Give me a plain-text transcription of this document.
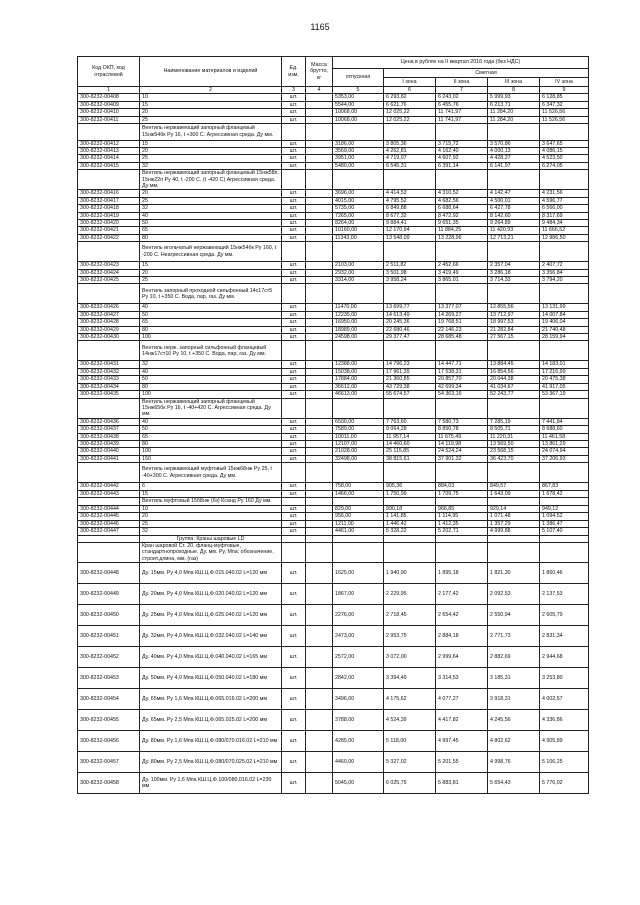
1165
Код ОКП, код отраслевой	Наименование материалов и изделий	Ед. изм.	Масса брутто, кг	Цена в рублях на II квартал 2016 года (без НДС)				
				отпускная	Сметная			
					I зона	II зона	III зона	IV зона
1	2	3	4	5	6	7	8	9
300-8232-00408	10	шт.		5353,00	6 293,82	6 243,02	5 999,93	6 128,85
300-8232-00409	15	шт.		5544,00	6 621,76	6 455,76	6 213,71	6 347,32
300-8232-00410	20	шт.		10068,00	12 025,22	11 741,97	11 284,20	11 526,56
300-8232-00411	25	шт.		10068,00	12 025,22	11 741,97	11 284,20	11 526,56
	Вентиль нержавеющий запорный фланцевый 15нж54бк Ру 16, t +300 С. Агрессивная среда. Ду мм.							
300-8232-00412	15	шт.		3186,00	3 805,36	3 715,72	3 570,86	3 647,65
300-8232-00413	20	шт.		3569,00	4 262,81	4 162,40	4 000,13	4 086,15
300-8232-00414	25	шт.		3951,00	4 719,07	4 607,92	4 428,27	4 523,50
300-8232-00415	32	шт.		5480,00	6 545,31	6 391,14	6 141,97	6 274,05
	Вентиль нержавеющий запорный фланцевый 15нж58п, 15нж22п Ру 40, t -200 С. (t -420 С) Агрессивная среда. Ду мм.							
300-8232-00416	20	шт.		3696,00	4 414,53	4 310,52	4 142,47	4 231,56
300-8232-00417	25	шт.		4015,00	4 795,52	4 682,56	4 500,01	4 596,77
300-8232-00418	32	шт.		5735,00	6 849,88	6 688,64	6 427,78	6 566,00
300-8232-00419	40	шт.		7265,00	8 677,32	8 472,92	8 142,60	8 317,69
300-8232-00420	50	шт.		8264,00	9 884,41	9 651,35	9 264,89	9 484,34
300-8232-00421	65	шт.		10160,00	12 170,94	11 884,25	11 420,93	11 666,52
300-8232-00422	80	шт.		11343,00	13 548,09	13 228,96	12 713,21	12 986,50
	Вентиль игольчатый нержавеющий 15нж54бк Ру 160, t -200 С. Неагрессивная среда. Ду мм.							
300-8232-00423	15	шт.		2103,00	2 511,82	2 452,66	2 357,04	2 407,72
300-8232-00424	20	шт.		2932,00	3 501,98	3 419,49	3 286,18	3 356,84
300-8232-00425	25	шт.		3314,00	3 958,24	3 865,01	3 714,33	3 794,20
	Вентиль запорный проходной сильфонный 14с17ст5 Ру 10, t +350 С. Вода, пар, газ. Ду мм.							
300-8232-00426	40	шт.		11470,00	13 699,77	13 377,07	12 855,56	13 131,99
300-8232-00427	50	шт.		12235,00	14 613,49	14 269,27	13 712,97	14 007,84
300-8232-00428	65	шт.		16950,00	20 245,36	19 768,51	18 997,53	19 406,04
300-8232-00429	80	шт.		18989,00	22 680,46	22 146,23	21 282,84	21 740,48
300-8232-00430	100	шт.		24598,00	29 377,47	28 685,48	27 567,15	28 159,94
	Вентиль нерж. запорный сильфонный фланцевый 14нж17ст10 Ру 10, t +350 С. Вода, пар, газ. Ду мм.							
300-8232-00431	32	шт.		12388,00	14 796,23	14 447,71	13 884,45	14 183,01
300-8232-00432	40	шт.		15038,00	17 961,39	17 538,31	16 854,56	17 216,99
300-8232-00433	50	шт.		17884,00	21 360,85	20 857,70	20 044,38	20 475,38
300-8232-00434	80	шт.		36612,00	43 729,38	42 699,34	41 034,67	41 917,05
300-8232-00435	100	шт.		46613,00	55 674,57	54 363,16	52 243,77	53 367,19
	Вентиль нержавеющий запорный фланцевый 15нж65бк Ру 16, t -40+420 С. Агрессивная среда. Ду мм.							
300-8232-00436	40	шт.		6500,00	7 763,60	7 580,73	7 285,19	7 441,84
300-8232-00437	50	шт.		7589,00	9 064,28	8 850,78	8 505,71	8 688,60
300-8232-00438	65	шт.		10011,00	11 957,14	11 675,49	11 220,31	11 461,58
300-8232-00439	80	шт.		12107,00	14 460,60	14 119,98	13 569,50	13 861,29
300-8232-00440	100	шт.		21028,00	25 115,85	24 524,24	23 568,15	24 074,94
300-8232-00441	150	шт.		32498,00	38 815,61	37 901,32	36 423,70	37 206,93
	Вентиль нержавеющий муфтовый 15нж68нж Ру 25, t -40+300 С. Агрессивная среда. Ду мм.							
300-8232-00442	6	шт.		758,00	905,36	884,03	849,57	867,83
300-8232-00443	15	шт.		1466,00	1 750,99	1 709,75	1 643,09	1 678,42
	Вентиль муфтовый 15б8нж (бз) Ксанд Ру 160 Ду мм.							
300-8232-00444	10	шт.		829,00	990,18	966,85	929,14	949,12
300-8232-00445	20	шт.		956,00	1 141,85	1 114,95	1 071,48	1 094,52
300-8232-00446	25	шт.		1211,00	1 446,42	1 412,35	1 357,29	1 386,47
300-8232-00447	32	шт.		4461,00	5 328,22	5 202,71	4 999,88	5 107,40
	Группа: Краны шаровые LD							
	Кран шаровой Ст. 20, фланц-муфтовые, стандартнопроходные. Ду, мм. Ру, Мпа; обозначение, строит.длина, мм. (газ)							
300-8232-00448	Ду. 15мм. Ру 4,0 Мпа КШ.Ц.Ф.015.040.02 L=120 мм	шт.		1625,00	1 940,90	1 895,18	1 821,30	1 860,46
300-8232-00449	Ду. 20мм. Ру 4,0 Мпа КШ.Ц.Ф.020.040.02 L=120 мм	шт.		1867,00	2 229,95	2 177,42	2 092,53	2 137,53
300-8232-00450	Ду. 25мм. Ру 4,0 Мпа КШ.Ц.Ф.025.040.02 L=120 мм	шт.		2276,00	2 718,45	2 654,42	2 550,94	2 605,79
300-8232-00451	Ду. 32мм. Ру 4,0 Мпа КШ.Ц.Ф.032.040.02 L=140 мм	шт.		2473,00	2 953,75	2 884,18	2 771,73	2 831,34
300-8232-00452	Ду. 40мм. Ру 4,0 Мпа КШ.Ц.Ф.040.040.02 L=165 мм	шт.		2572,00	3 072,00	2 999,64	2 882,69	2 944,68
300-8232-00453	Ду. 50мм. Ру 4,0 Мпа КШ.Ц.Ф.050.040.02 L=180 мм	шт.		2842,00	3 394,49	3 314,53	3 185,31	3 253,80
300-8232-00454	Ду. 65мм. Ру 1,6 Мпа КШ.Ц.Ф.065.016.02 L=200 мм	шт.		3496,00	4 175,62	4 077,27	3 918,31	4 002,57
300-8232-00455	Ду. 65мм. Ру 2,5 Мпа КШ.Ц.Ф.065.025.02 L=200 мм	шт.		3788,00	4 524,39	4 417,82	4 245,56	4 336,86
300-8232-00456	Ду. 80мм. Ру 1,6 Мпа КШ.Ц.Ф.080/070.016.02 L=210 мм	шт.		4285,00	5 118,00	4 997,45	4 802,62	4 905,89
300-8232-00457	Ду. 80мм. Ру 2,5 Мпа КШ.Ц.Ф.080/070.025.02 L=210 мм	шт.		4460,00	5 327,02	5 201,55	4 998,76	5 106,25
300-8232-00458	Ду. 100мм. Ру 1,6 Мпа КШ.Ц.Ф.100/080.016.02 L=230 мм	шт.		5045,00	6 025,75	5 883,81	5 654,43	5 776,02
